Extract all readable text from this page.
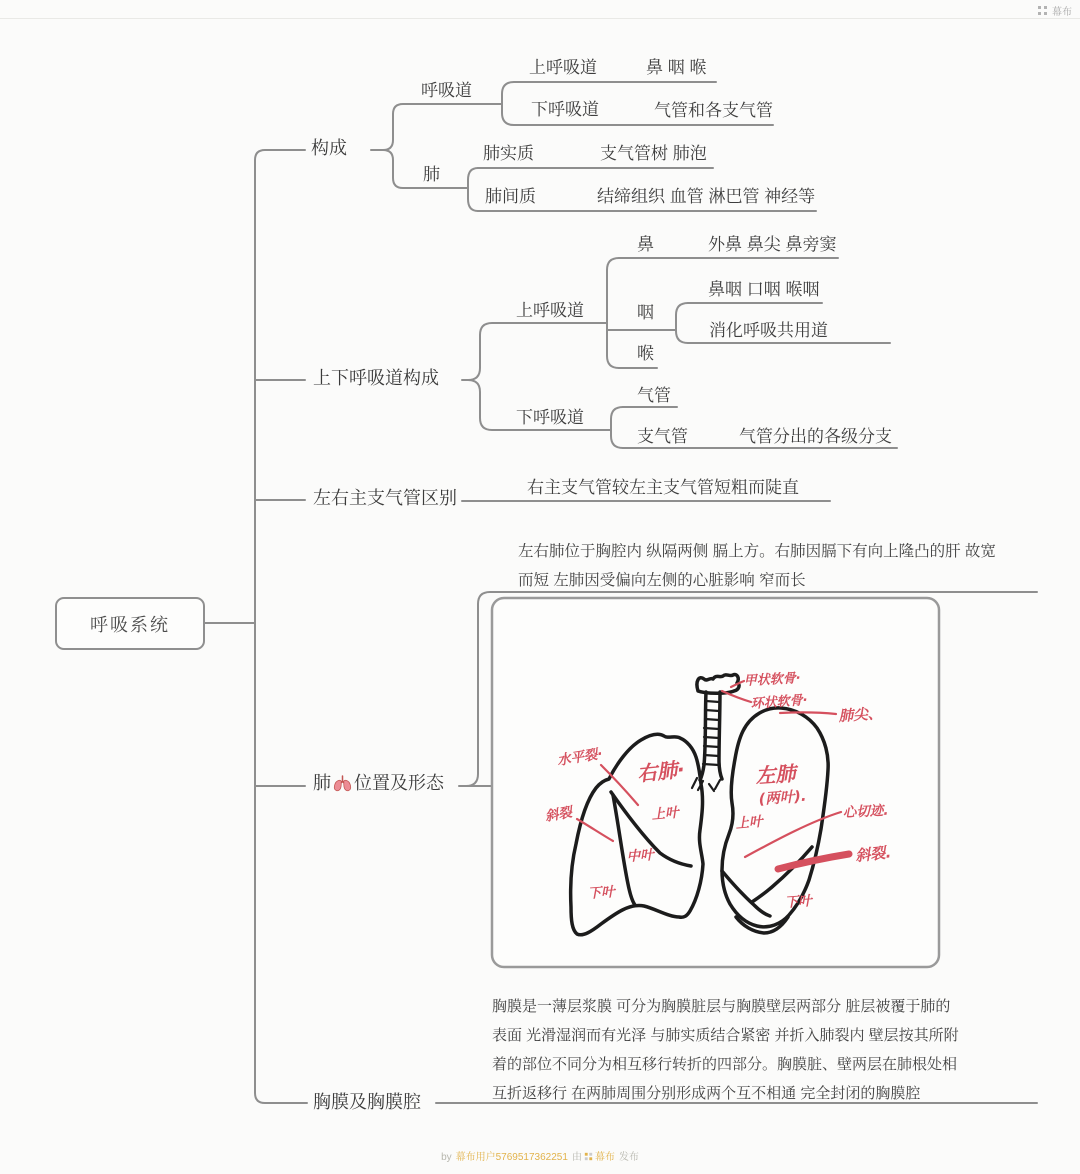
幕布
甲状软骨·
环状软骨·
肺尖、
水平裂· 右肺·	左肺
(两叶).
斜裂	上叶	上叶
中叶
下叶
心切迹.
斜裂.
下叶
呼吸系统
构成
呼吸道
上呼吸道	鼻 咽 喉
下呼吸道	气管和各支气管
肺
肺实质	支气管树 肺泡
肺间质	结缔组织 血管 淋巴管 神经等
上下呼吸道构成
上呼吸道
鼻	外鼻 鼻尖 鼻旁窦
鼻咽 口咽 喉咽
咽
消化呼吸共用道
喉
下呼吸道
气管
支气管	气管分出的各级分支
左右主支气管区别
右主支气管较左主支气管短粗而陡直
肺 位置及形态
左右肺位于胸腔内 纵隔两侧 膈上方。右肺因膈下有向上隆凸的肝 故宽
而短 左肺因受偏向左侧的心脏影响 窄而长
胸膜及胸膜腔
胸膜是一薄层浆膜 可分为胸膜脏层与胸膜壁层两部分 脏层被覆于肺的
表面 光滑湿润而有光泽 与肺实质结合紧密 并折入肺裂内 壁层按其所附
着的部位不同分为相互移行转折的四部分。胸膜脏、壁两层在肺根处相
互折返移行 在两肺周围分别形成两个互不相通 完全封闭的胸膜腔
by 幕布用户5769517362251 由 幕布 发布
